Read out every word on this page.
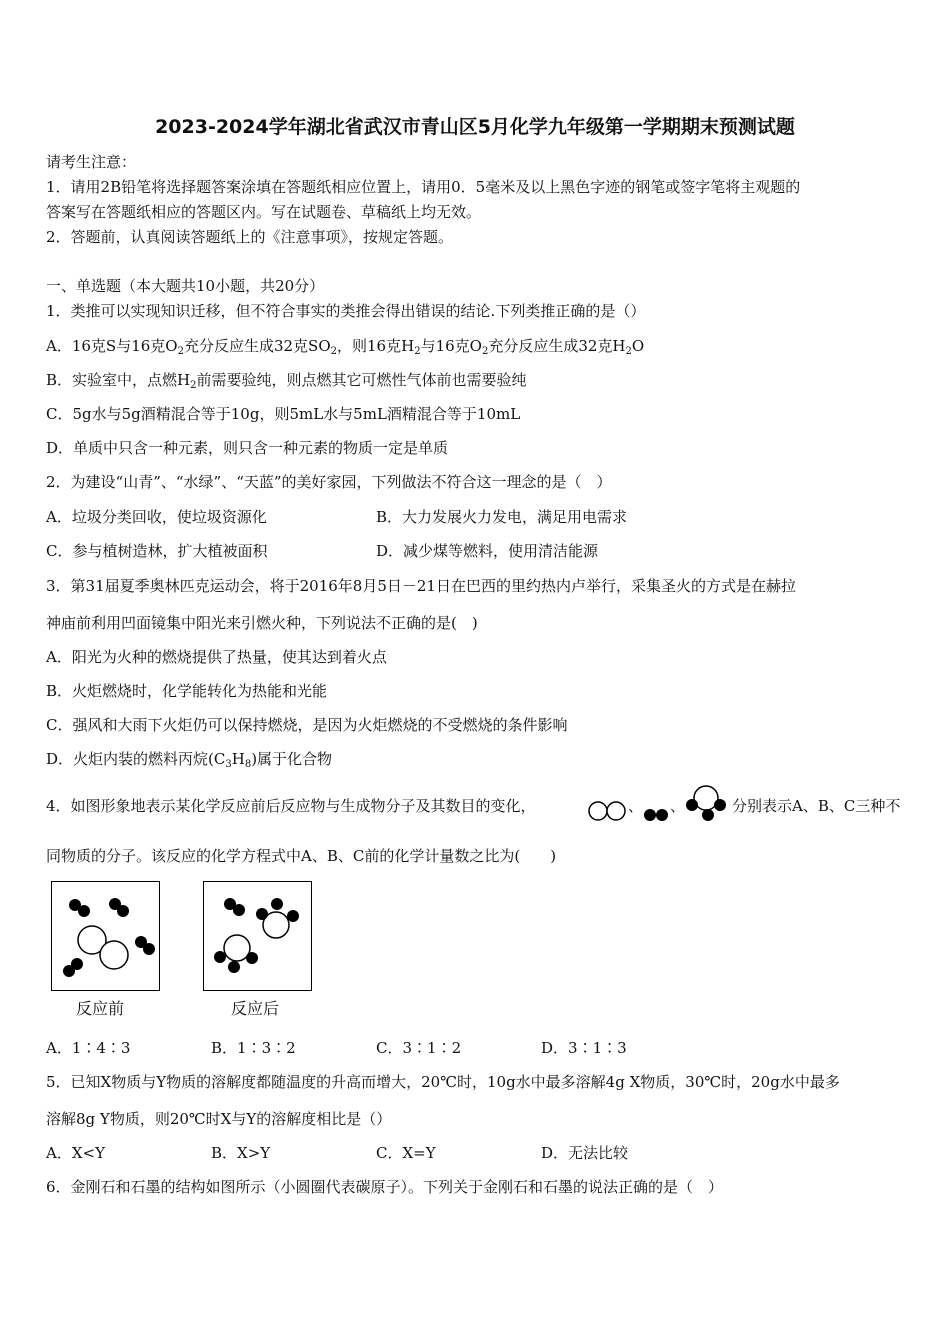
2023-2024学年湖北省武汉市青山区5月化学九年级第一学期期末预测试题
请考生注意：
1．请用2B铅笔将选择题答案涂填在答题纸相应位置上，请用0．5毫米及以上黑色字迹的钢笔或签字笔将主观题的
答案写在答题纸相应的答题区内。写在试题卷、草稿纸上均无效。
2．答题前，认真阅读答题纸上的《注意事项》，按规定答题。
一、单选题（本大题共10小题，共20分）
1．类推可以实现知识迁移，但不符合事实的类推会得出错误的结论.下列类推正确的是（）
A．16克S与16克$O_2$充分反应生成32克$SO_2$，则16克$H_2$与16克$O_2$充分反应生成32克$H_2O$
B．实验室中，点燃$H_2$前需要验纯，则点燃其它可燃性气体前也需要验纯
C．5g水与5g酒精混合等于10g，则5mL水与5mL酒精混合等于10mL
D．单质中只含一种元素，则只含一种元素的物质一定是单质
2．为建设“山青”、“水绿”、“天蓝”的美好家园，下列做法不符合这一理念的是（　）
A．垃圾分类回收，使垃圾资源化	B．大力发展火力发电，满足用电需求
C．参与植树造林，扩大植被面积	D．减少煤等燃料，使用清洁能源
3．第31届夏季奥林匹克运动会，将于2016年8月5日－21日在巴西的里约热内卢举行，采集圣火的方式是在赫拉
神庙前利用凹面镜集中阳光来引燃火种，下列说法不正确的是(　)
A．阳光为火种的燃烧提供了热量，使其达到着火点
B．火炬燃烧时，化学能转化为热能和光能
C．强风和大雨下火炬仍可以保持燃烧，是因为火炬燃烧的不受燃烧的条件影响
D．火炬内装的燃料丙烷$(C_3H_8)$属于化合物
4．如图形象地表示某化学反应前后反应物与生成物分子及其数目的变化，	、 、	分别表示A、B、C三种不
同物质的分子。该反应的化学方程式中A、B、C前的化学计量数之比为(　　)
反应前	反应后
A．1∶4∶3	B．1∶3∶2	C．3∶1∶2	D．3∶1∶3
5．已知X物质与Y物质的溶解度都随温度的升高而增大，20℃时，10g水中最多溶解4g X物质，30℃时，20g水中最多
溶解8g Y物质，则20℃时X与Y的溶解度相比是（）
A．X<Y	B．X>Y	C．X=Y	D．无法比较
6．金刚石和石墨的结构如图所示（小圆圈代表碳原子）。下列关于金刚石和石墨的说法正确的是（　）
